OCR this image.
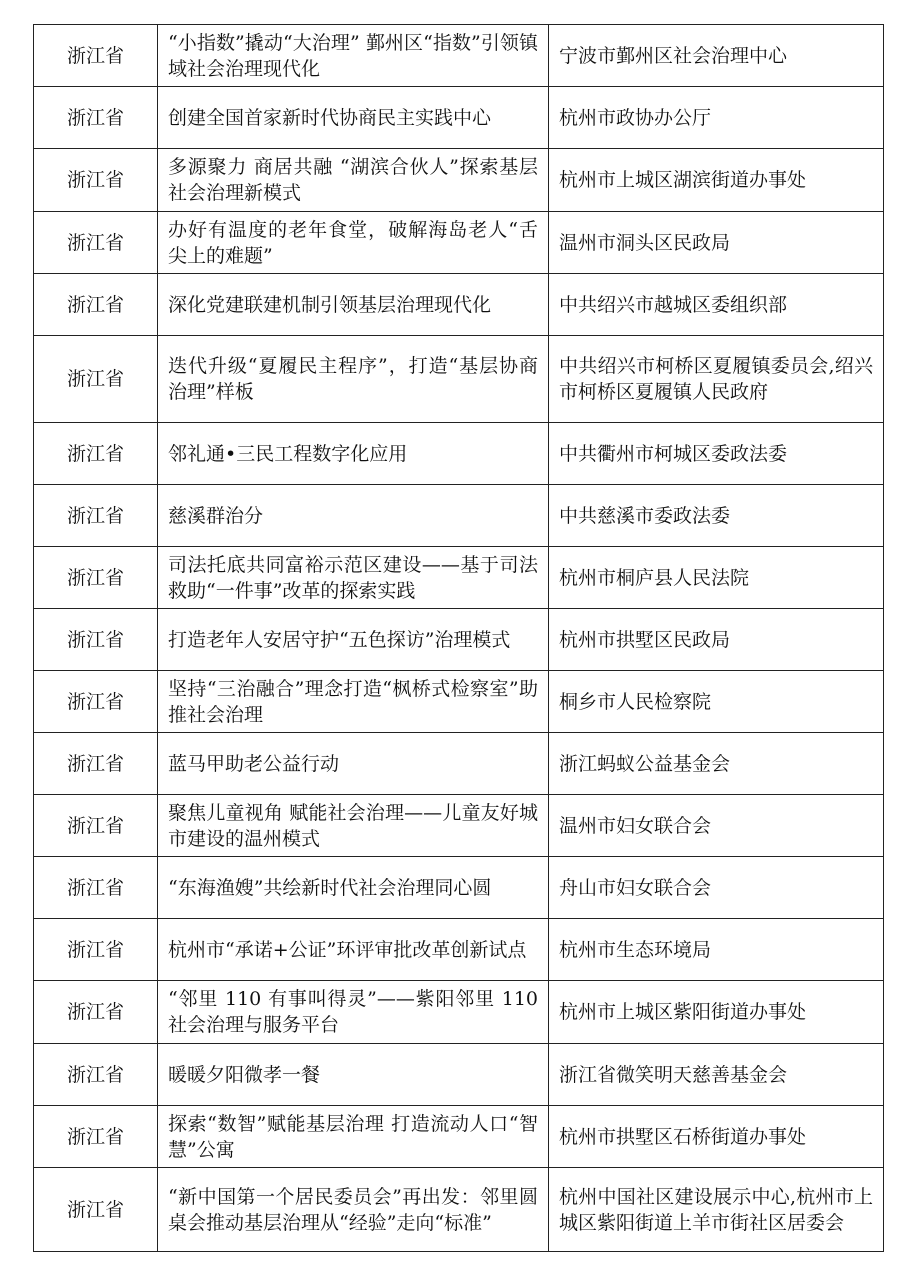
浙江省	“小指数”撬动“大治理” 鄞州区“指数”引领镇域社会治理现代化	宁波市鄞州区社会治理中心
浙江省	创建全国首家新时代协商民主实践中心	杭州市政协办公厅
浙江省	多源聚力 商居共融 “湖滨合伙人”探索基层社会治理新模式	杭州市上城区湖滨街道办事处
浙江省	办好有温度的老年食堂，破解海岛老人“舌尖上的难题”	温州市洞头区民政局
浙江省	深化党建联建机制引领基层治理现代化	中共绍兴市越城区委组织部
浙江省	迭代升级“夏履民主程序”，打造“基层协商治理”样板	中共绍兴市柯桥区夏履镇委员会,绍兴市柯桥区夏履镇人民政府
浙江省	邻礼通•三民工程数字化应用	中共衢州市柯城区委政法委
浙江省	慈溪群治分	中共慈溪市委政法委
浙江省	司法托底共同富裕示范区建设——基于司法救助“一件事”改革的探索实践	杭州市桐庐县人民法院
浙江省	打造老年人安居守护“五色探访”治理模式	杭州市拱墅区民政局
浙江省	坚持“三治融合”理念打造“枫桥式检察室”助推社会治理	桐乡市人民检察院
浙江省	蓝马甲助老公益行动	浙江蚂蚁公益基金会
浙江省	聚焦儿童视角 赋能社会治理——儿童友好城市建设的温州模式	温州市妇女联合会
浙江省	“东海渔嫂”共绘新时代社会治理同心圆	舟山市妇女联合会
浙江省	杭州市“承诺+公证”环评审批改革创新试点	杭州市生态环境局
浙江省	“邻里 110 有事叫得灵”——紫阳邻里 110 社会治理与服务平台	杭州市上城区紫阳街道办事处
浙江省	暖暖夕阳微孝一餐	浙江省微笑明天慈善基金会
浙江省	探索“数智”赋能基层治理 打造流动人口“智慧”公寓	杭州市拱墅区石桥街道办事处
浙江省	“新中国第一个居民委员会”再出发：邻里圆桌会推动基层治理从“经验”走向“标准”	杭州中国社区建设展示中心,杭州市上城区紫阳街道上羊市街社区居委会
